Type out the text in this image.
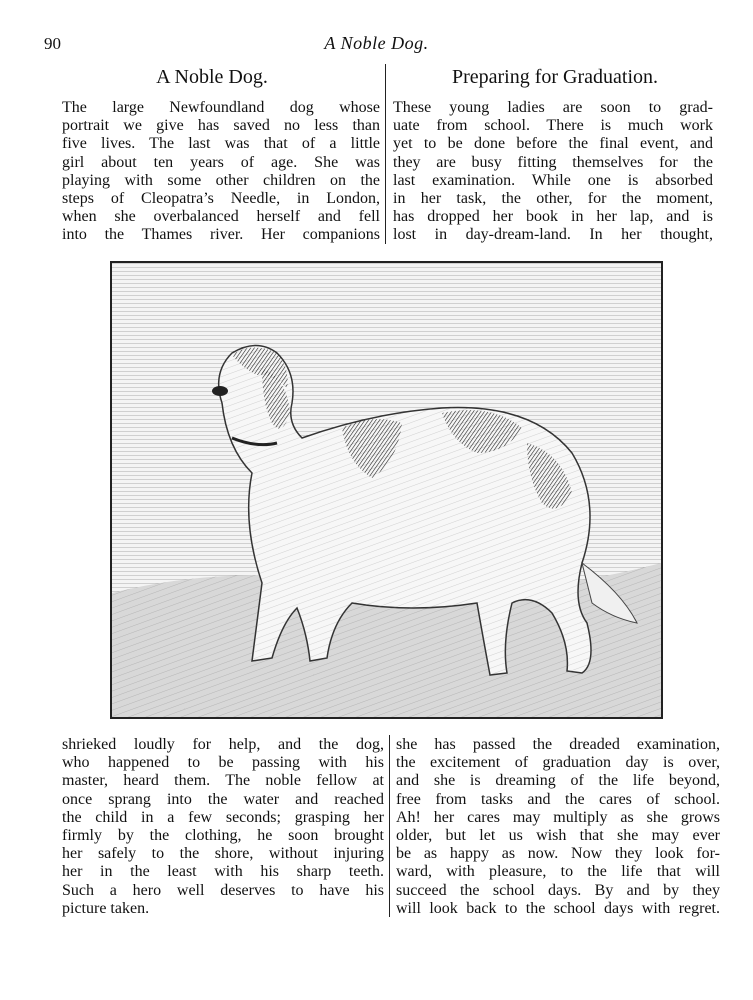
90	A Noble Dog.
A Noble Dog.	Preparing for Graduation.
The large Newfoundland dog whose
portrait we give has saved no less than
five lives. The last was that of a little
girl about ten years of age. She was
playing with some other children on the
steps of Cleopatra’s Needle, in London,
when she overbalanced herself and fell
into the Thames river. Her companions
These young ladies are soon to grad-
uate from school. There is much work
yet to be done before the final event, and
they are busy fitting themselves for the
last examination. While one is absorbed
in her task, the other, for the moment,
has dropped her book in her lap, and is
lost in day-dream-land. In her thought,
shrieked loudly for help, and the dog,
who happened to be passing with his
master, heard them. The noble fellow at
once sprang into the water and reached
the child in a few seconds; grasping her
firmly by the clothing, he soon brought
her safely to the shore, without injuring
her in the least with his sharp teeth.
Such a hero well deserves to have his
picture taken.
she has passed the dreaded examination,
the excitement of graduation day is over,
and she is dreaming of the life beyond,
free from tasks and the cares of school.
Ah! her cares may multiply as she grows
older, but let us wish that she may ever
be as happy as now. Now they look for-
ward, with pleasure, to the life that will
succeed the school days. By and by they
will look back to the school days with regret.
